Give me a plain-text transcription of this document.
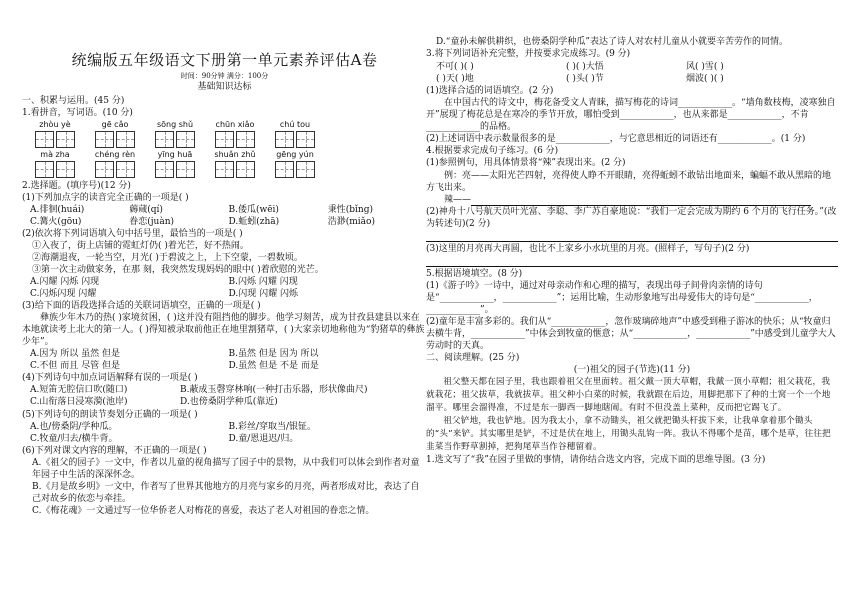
统编版五年级语文下册第一单元素养评估A卷

时间：90分钟 满分：100分

基础知识达标

一、积累与运用。(45 分)

1.看拼音，写词语。(10 分)

zhòu yè	gē cǎo	sōng shǔ	chūn xiǎo	chú tou
mà zha	chéng rèn	yīng huā	shuǎn zhǔ	gēng yún

2.选择题。(填序号)(12 分)

(1)下列加点字的读音完全正确的一项是( )

A.徘徊(huái)	薅蒇(qí)	B.倭瓜(wēi)	秉性(bǐng)
C.篝火(gōu)	眷恋(juàn)	D.蚯蚓(zhā)	浩渺(miǎo)

(2)依次将下列词语填入句中括号里，最恰当的一项是( )

①入夜了，街上店铺的霓虹灯仍( )着光芒，好不热闹。

②海潮退夜，一轮当空，月光( )于碧波之上，上下空蒙，一碧数顷。

③第一次主动做家务，在那 刻，我突然发现妈妈的眼中( )着欣慰的光芒。

A.闪耀 闪烁 闪现	B.闪烁 闪耀 闪现
C.闪烁闪现 闪耀	D.闪现 闪耀 闪烁

(3)给下面的语段选择合适的关联词语填空，正确的一项是( )

彝族少年木乃的热( )家境贫困，( )这并没有阻挡他的脚步。他学习刻苦，成为甘孜县建县以来在本地就读考上北大的第一人。( )得知被录取前他正在地里割猪草，( )大家亲切地称他为“豹猪草的彝族少年”。

A.因为 所以 虽然 但是	B.虽然 但是 因为 所以
C.不但 而且 尽管 但是	D.虽然 但是 不是 而是

(4)下列诗句中加点词语解释有误的一项是( )

A.短笛无腔信口吹(随口)	B.蔽成玉磬穿林响(一种打击乐器，形状像曲尺)
C.山衔落日浸寒漪(池岸)	D.也傍桑阴学种瓜(靠近)

(5)下列诗句的朗读节奏划分正确的一项是( )

A.也/傍桑阴/学种瓜。	B.彩丝/穿取当/银钲。
C.牧童/归去/横牛背。	D.童/恩退迟/归。

(6)下列对课文内容的理解，不正确的一项是( )

A.《祖父的园子》一文中，作者以儿童的视角描写了园子中的景物，从中我们可以体会到作者对童年园子中生活的深深怀念。

B.《月是故乡明》一文中，作者写了世界其他地方的月亮与家乡的月亮，两者形成对比，表达了自己对故乡的依恋与牵挂。

C.《梅花魂》一文通过写一位华侨老人对梅花的喜爱，表达了老人对祖国的眷恋之情。

D.“童孙未解供耕织，也傍桑阴学种瓜”表达了诗人对农村儿童从小就要辛苦劳作的同情。

3.将下列词语补充完整，并按要求完成练习。(9 分)

不可( )( )	( )( )大悟	风( )雪( )
( )天( )地	( )头( )节	烟波( )( )

(1)选择合适的词语填空。(2 分)

在中国古代的诗文中，梅花备受文人青睐，描写梅花的诗词____________。“墙角数枝梅，凌寒独自开”展现了梅花总是在寒冷的季节开放，哪怕受到____________，也从来都是____________，不肯____________的品格。

(2)上述词语中表示数量很多的是____________，与它意思相近的词语还有____________。(1 分)

4.根据要求完成句子练习。(6 分)

(1)参照例句，用具体情景将“辣”表现出来。(2 分)

例：亮——太阳光芒四射，亮得使人睁不开眼睛，亮得蚯蚓不敢钻出地面来，蝙蝠不敢从黑暗的地方飞出来。

辣——

(2)神舟十八号航天员叶光富、李聪、李广苏自豪地说：“我们一定会完成为期约 6 个月的飞行任务。”(改为转述句)(2 分)

(3)这里的月亮再大再圆，也比不上家乡小水坑里的月亮。(照样子，写句子)(2 分)

5.根据语境填空。(8 分)

(1)《游子吟》一诗中，通过对母亲动作和心理的描写，表现出母子间骨肉亲情的诗句是“____________，____________”；运用比喻，生动形象地写出母爱伟大的诗句是“____________，____________”。

(2)童年是丰富多彩的。我们从“____________，忽作玻璃碎地声”中感受到稚子游冰的快乐；从“牧童归去横牛背，____________”中体会到牧童的惬意；从“____________，____________”中感受到儿童学大人劳动时的天真。

二、阅读理解。(25 分)

(一)祖父的园子(节选)(11 分)

祖父整天都在园子里，我也跟着祖父在里面转。祖父戴一顶大草帽，我戴一顶小草帽；祖父栽花，我就栽花；祖父拔草，我就拔草。祖父种小白菜的时候，我就跟在后边，用脚把那下了种的土窝一个一个地溜平。哪里会溜得准，不过是东一脚西一脚地瞎闹。有时不但没盖上菜种，反而把它踢飞了。

祖父铲地，我也铲地。因为我太小，拿不动锄头，祖父就把锄头杆拔下来，让我单拿着那个锄头的“头”来铲。其实哪里是铲，不过是伏在地上，用锄头乱钩一阵。我认不得哪个是苗，哪个是草，往往把韭菜当作野草割掉，把狗尾草当作谷穗留着。

1.选文写了“我”在园子里做的事情，请你结合选文内容，完成下面的思维导图。(3 分)
